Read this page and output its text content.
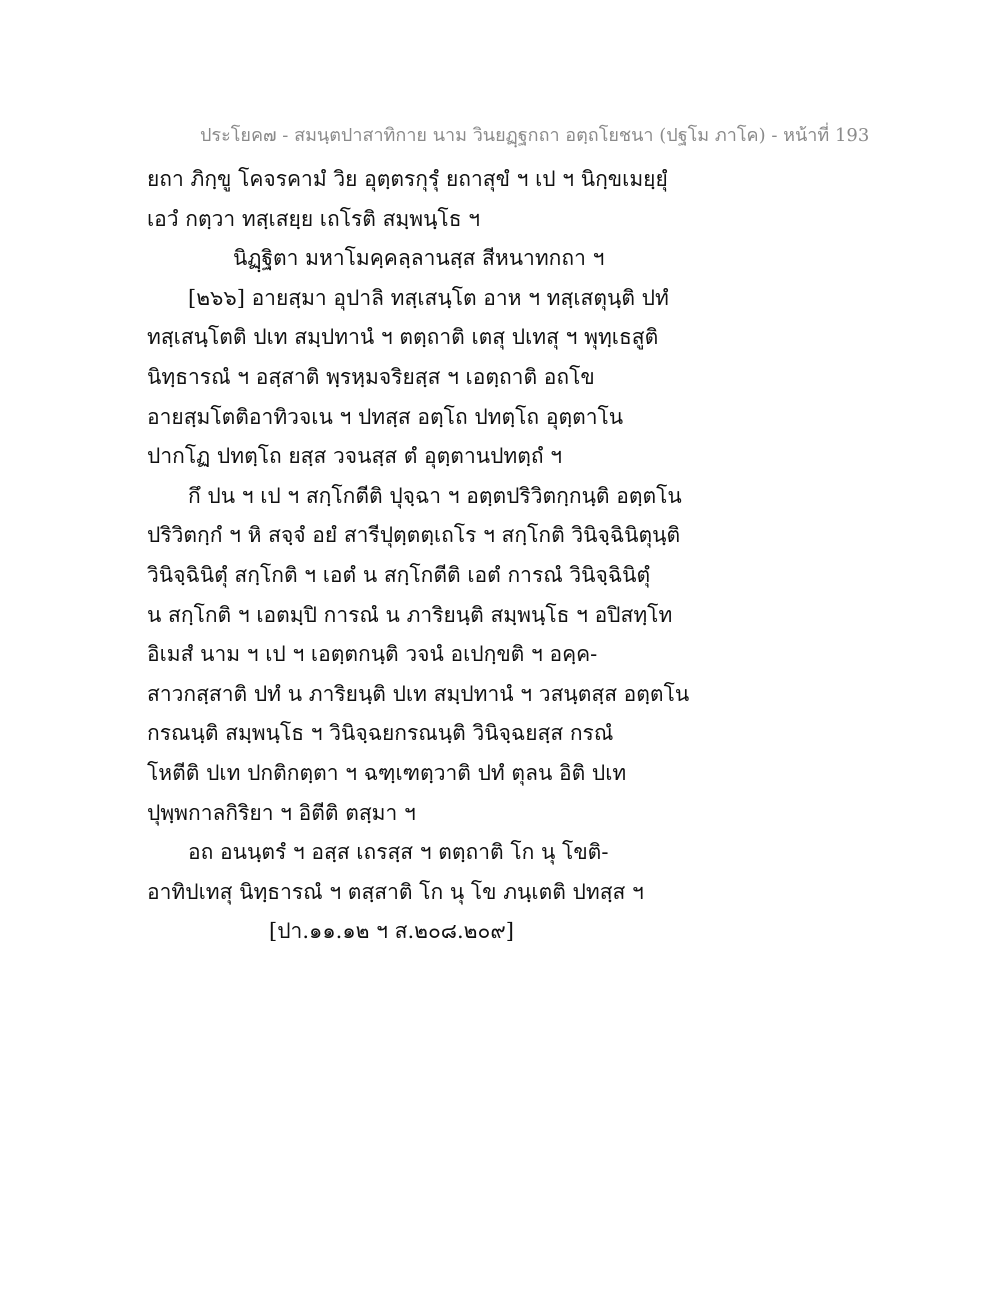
ประโยค๗ - สมนฺตปาสาทิกาย นาม วินยฏฺฐกถา อตฺถโยชนา (ปฐโม ภาโค) - หน้าที่ 193
ยถา ภิกฺขู โคจรคามํ วิย อุตฺตรกุรุํ ยถาสุขํ ฯ เป ฯ นิกฺขเมยฺยุํ
เอวํ กตฺวา ทสฺเสยฺย เถโรติ สมฺพนฺโธ ฯ
นิฏฺฐิตา มหาโมคฺคลฺลานสฺส สีหนาทกถา ฯ
[๒๖๖] อายสฺมา อุปาลิ ทสฺเสนฺโต อาห ฯ ทสฺเสตุนฺติ ปทํ
ทสฺเสนฺโตติ ปเท สมฺปทานํ ฯ ตตฺถาติ เตสุ ปเทสุ ฯ พุทฺเธสูติ
นิทฺธารณํ ฯ อสฺสาติ พฺรหฺมจริยสฺส ฯ เอตฺถาติ อถโข
อายสฺมโตติอาทิวจเน ฯ ปทสฺส อตฺโถ ปทตฺโถ อุตฺตาโน
ปากโฏ ปทตฺโถ ยสฺส วจนสฺส ตํ อุตฺตานปทตฺถํ ฯ
กึ ปน ฯ เป ฯ สกฺโกตีติ ปุจฺฉา ฯ อตฺตปริวิตกฺกนฺติ อตฺตโน
ปริวิตกฺกํ ฯ หิ สจฺจํ อยํ สารีปุตฺตตฺเถโร ฯ สกฺโกติ วินิจฺฉินิตุนฺติ
วินิจฺฉินิตุํ สกฺโกติ ฯ เอตํ น สกฺโกตีติ เอตํ การณํ วินิจฺฉินิตุํ
น สกฺโกติ ฯ เอตมฺปิ การณํ น ภาริยนฺติ สมฺพนฺโธ ฯ อปิสทฺโท
อิเมสํ นาม ฯ เป ฯ เอตฺตกนฺติ วจนํ อเปกฺขติ ฯ อคฺค-
สาวกสฺสาติ ปทํ น ภาริยนฺติ ปเท สมฺปทานํ ฯ วสนฺตสฺส อตฺตโน
กรณนฺติ สมฺพนฺโธ ฯ วินิจฺฉยกรณนฺติ วินิจฺฉยสฺส กรณํ
โหตีติ ปเท ปกติกตฺตา ฯ ฉฑฺเฑตฺวาติ ปทํ ตุลน อิติ ปเท
ปุพฺพกาลกิริยา ฯ อิตีติ ตสฺมา ฯ
อถ อนนฺตรํ ฯ อสฺส เถรสฺส ฯ ตตฺถาติ โก นุ โขติ-
อาทิปเทสุ นิทฺธารณํ ฯ ตสฺสาติ โก นุ โข ภนฺเตติ ปทสฺส ฯ
[ปา.๑๑.๑๒ ฯ ส.๒๐๘.๒๐๙]
